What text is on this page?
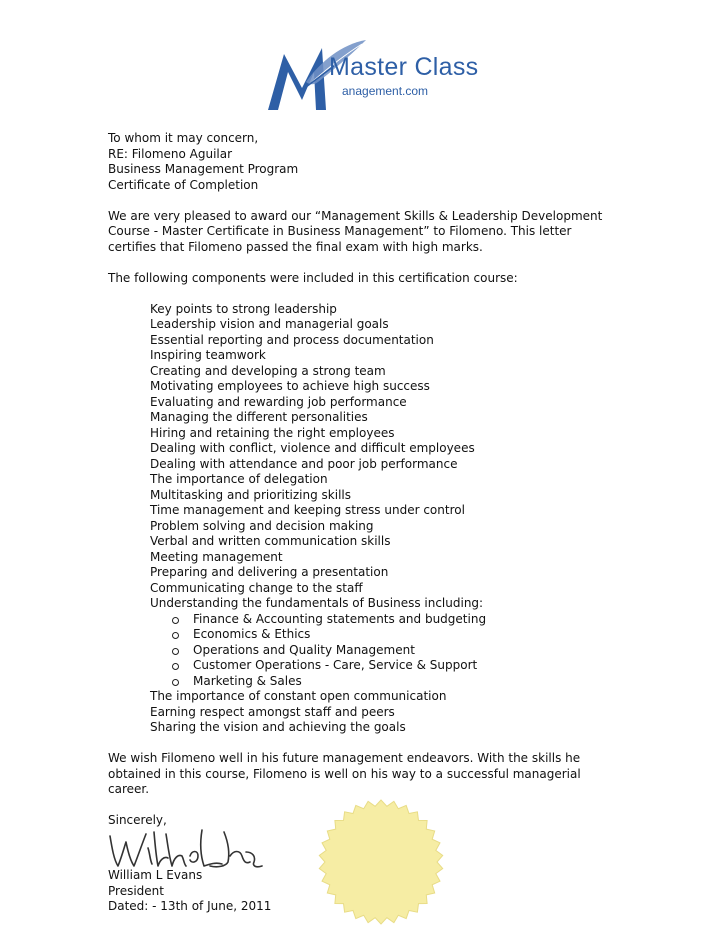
Master Class
anagement.com
To whom it may concern,
RE: Filomeno Aguilar
Business Management Program
Certificate of Completion
We are very pleased to award our “Management Skills & Leadership Development
Course - Master Certificate in Business Management” to Filomeno. This letter
certifies that Filomeno passed the final exam with high marks.
The following components were included in this certification course:
Key points to strong leadership
Leadership vision and managerial goals
Essential reporting and process documentation
Inspiring teamwork
Creating and developing a strong team
Motivating employees to achieve high success
Evaluating and rewarding job performance
Managing the different personalities
Hiring and retaining the right employees
Dealing with conflict, violence and difficult employees
Dealing with attendance and poor job performance
The importance of delegation
Multitasking and prioritizing skills
Time management and keeping stress under control
Problem solving and decision making
Verbal and written communication skills
Meeting management
Preparing and delivering a presentation
Communicating change to the staff
Understanding the fundamentals of Business including:
Finance & Accounting statements and budgeting
Economics & Ethics
Operations and Quality Management
Customer Operations - Care, Service & Support
Marketing & Sales
The importance of constant open communication
Earning respect amongst staff and peers
Sharing the vision and achieving the goals
We wish Filomeno well in his future management endeavors. With the skills he
obtained in this course, Filomeno is well on his way to a successful managerial
career.
Sincerely,
William L Evans
President
Dated: - 13th of June, 2011
